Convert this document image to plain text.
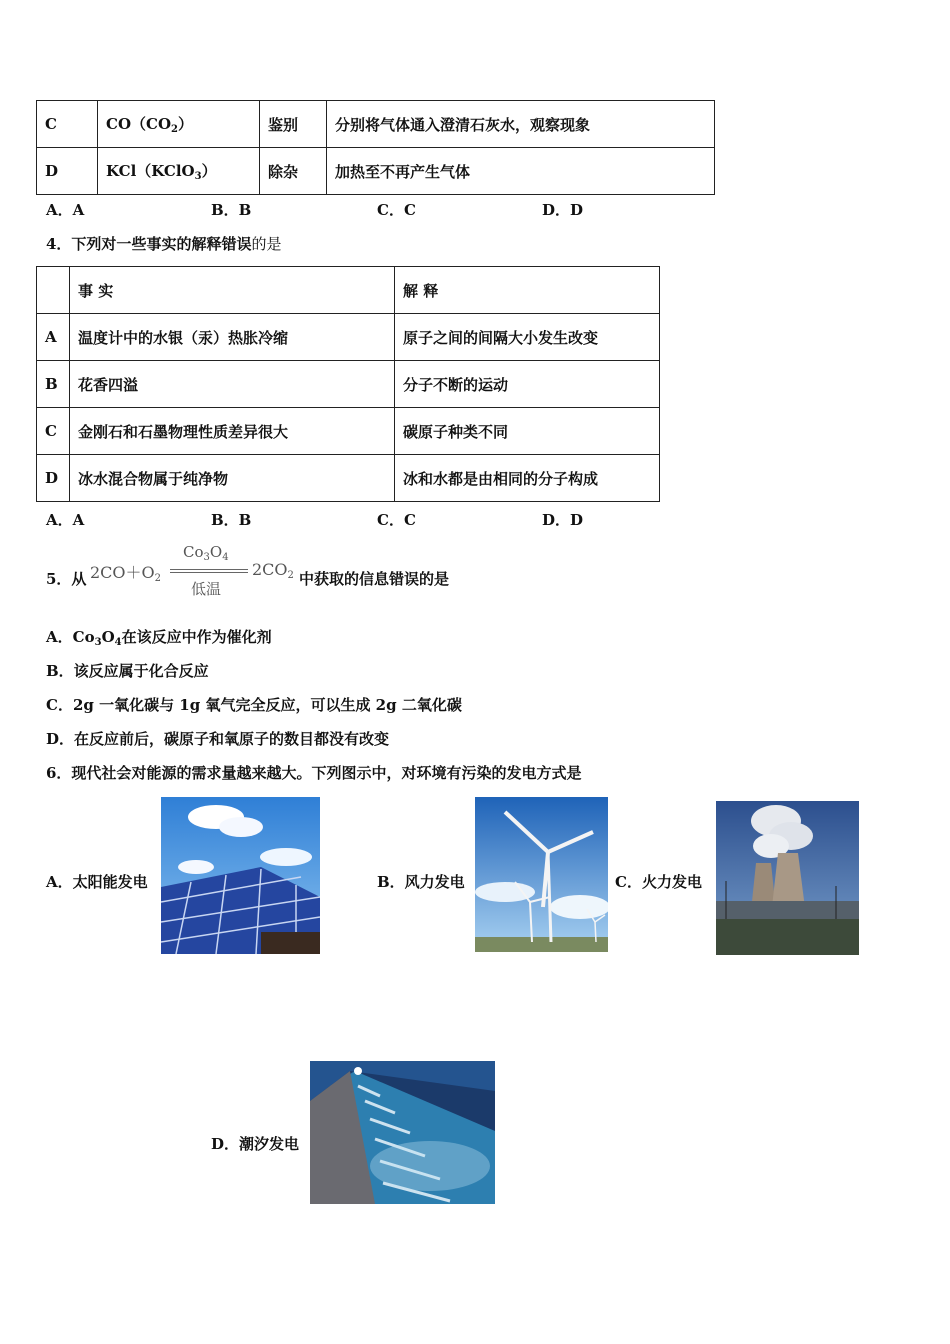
C	$CO(CO_2)$	鉴别	分别将气体通入澄清石灰水，观察现象
D	KCl（KClO$_3$）	除杂	加热至不再产生气体
A．A	B．B	C．C	D．D
4．下列对一些事实的解释错误的是
	事 实	解 释
A	温度计中的水银（汞）热胀冷缩	原子之间的间隔大小发生改变
B	花香四溢	分子不断的运动
C	金刚石和石墨物理性质差异很大	碳原子种类不同
D	冰水混合物属于纯净物	冰和水都是由相同的分子构成
A．A	B．B	C．C	D．D
5．从 $2CO+O_2$
$Co_3O_4$
低温
$2CO_2$ 中获取的信息错误的是
A．$Co_3O_4$在该反应中作为催化剂
B．该反应属于化合反应
C．2g 一氧化碳与 1g 氧气完全反应，可以生成 2g 二氧化碳
D．在反应前后，碳原子和氧原子的数目都没有改变
6．现代社会对能源的需求量越来越大。下列图示中，对环境有污染的发电方式是
A．太阳能发电	B．风力发电	C．火力发电
D．潮汐发电
